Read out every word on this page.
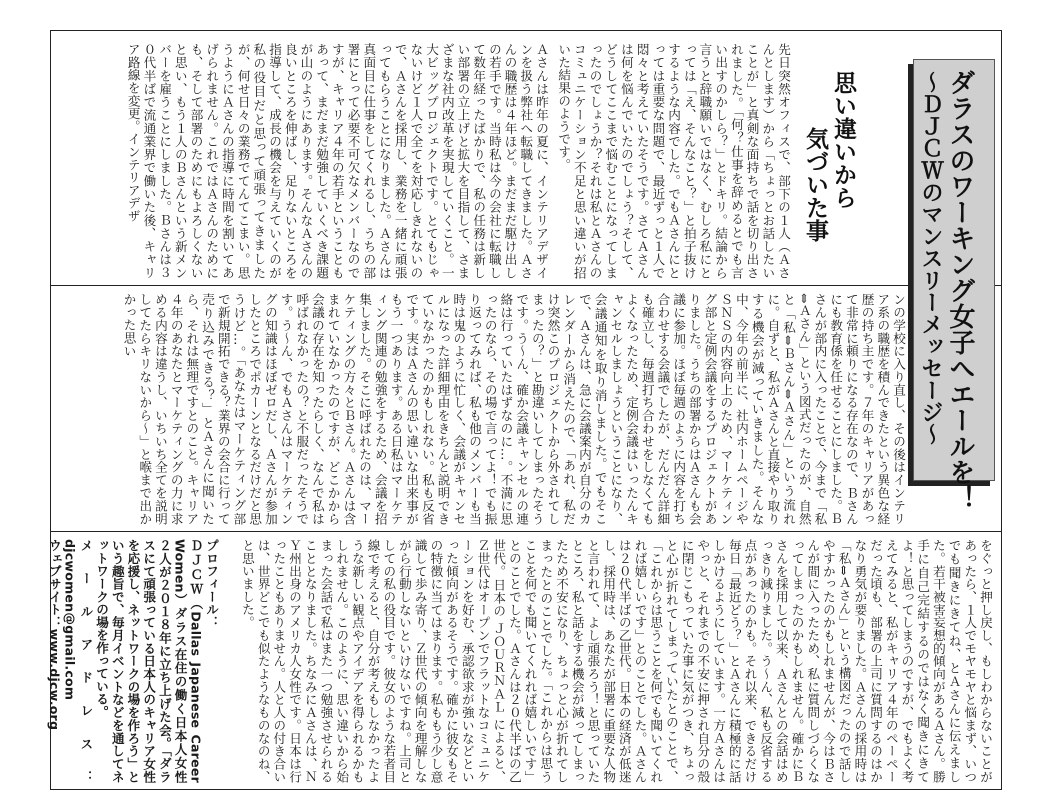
ダラスのワーキング女子へエールを！
～ＤＪＣＷのマンスリーメッセージ～
思い違いから
気づいた事
先日突然オフィスで、部下の１人（Ａさんとします）から「ちょっとお話したいことが」と真剣な面持ちで話を切り出されました。「何？仕事を辞めるとでも言い出すのかしら？」とドキリ。結論から言うと辞職願いではなく、むしろ私にとっては「え、そんなこと？」と拍子抜けするような内容でした。でもＡさんにとっては重要な問題で、最近ずっと１人で悶々と考えていたそうです。さてＡさんは何を悩んでいたのでしょう？そして、どうしてここまで悩むことになってしまったのでしょうか？それは私とＡさんのコミュニケーション不足と思い違いが招いた結果のようです。
Ａさんは昨年の夏に、インテリアデザインを扱う弊社へ転職してきました。Ａさんの職歴は４年ほど。まだまだ駆け出しの若手です。当時私は今の会社に転職して数年経ったばかりで、私の任務は新しい部署の立上げと拡大を目指して、さまざまな社内改革を実現していくこと。一大ビッグプロジェクトです。とてもじゃないけど１人で全てを対応しきれないので、Ａさんを採用し、業務を一緒に頑張ってもらうことになりました。Ａさんは真面目に仕事をしてくれるし、うちの部署にとって必要不可欠なメンバーなのですが、キャリア４年の若手ということもあって、まだまだ勉強していくべき課題が山のようにあります。そんなＡさんの良いところを伸ばし、足りないところを指導して、成長の機会を与えていくのが私の役目だと思って頑張ってきましたが、何せ日々の業務でてんてこまい。思うようにＡさんの指導に時間を割いてあげられません。これではＡさんのためにも、そして部署のためにもよろしくないと思い、もう１人のＢさんという新メンバーを雇うことにしました。Ｂさんは３０代半ばで流通業界で働いた後、キャリア路線を変更。インテリアデザ
ンの学校に入り直し、その後はインテリア系の職歴を積んできたという異色な経歴の持ち主です。７年のキャリアがあって非常に頼りになる存在なので、Ｂさんにも教育係を任せることにしました。Ｂさんが部内に入ったことで、今まで「私⇔Ａさん」という図式だったのが、自然と「私⇔Ｂさん⇔Ａさん」という流れに。自ずと、私がＡさんと直接やり取りする機会が減っていきました。そんな中、今年の前半に、社内ホームページやＳＮＳの内容向上のため、マーケティング部と定例会議をするプロジェクトがありました。うちの部署からはＡさんも会議に参加。ほぼ毎週のように内容を打ち合わせする会議でしたが、だんだん詳細も確立し、毎週打ち合わせをしなくてもよくなったため、定例会議はいったんキャンセルしましょうということになり、会議通知を取り消しました。でもそこで、Ａさんは、急に会議案内が自分のカレンダーから消えたので、「あれ、私だけ突然このプロジェクトから外されてしまったの？」と勘違いしてしまったそうです。う～ん、確か会議キャンセルの連絡は行っていたはずなのに…。不満に思ったのなら、その場で言ってよ！でも振り返ってみれば、私も他のメンバーも当時は鬼のように忙しく、会議がキャンセルになった詳細理由をきちんと説明できていなかったのかもしれない。私も反省です。実はＡさんの思い違いな出来事がもう一つあります。ある日私はマーケティング関連の勉強をするため、会議を招集しました。そこに呼ばれたのは、マーケティングの方々とＢさん。Ａさんは含まれていなかったのですが、どこかから会議の存在を知ったらしく、なんで私は呼ばれなかったの？と不服だったそうです。う～ん、でもＡさんはマーケティングの知識はほぼゼロだし、Ａさんが参加したところでポカーンとなるだけだと思うけど…。「あなたはマーケティング部で新規開拓できる？業界の会合に行って売り込みできる？」とＡさんに聞いたら、それは無理ですとのこと。キャリア４年のあなたとマーケティングの力に求める内容は違うし、いちいち全てを説明してたらキリないから～」と喉まで出かかった思い
をぐっと押し戻し、もしわからないことがあったら、１人でモヤモヤと悩まず、いつでも聞きにきてね、とＡさんに伝えました。若干被害妄想的傾向があるＡさん。勝手に自己完結するのではなく聞きにきてよ！と思ってしまうのですが、でもよく考えてみると、私がキャリア４年のペーペーだった頃も、部署の上司に質問するのはかなり勇気が要りました。Ａさんの採用時は「私⇔Ａさん」という構図だったので話しやすかったのかもしれませんが、今はＢさんが間に入ったため、私に質問しづらくなってしまったのかもしれません。確かにＢさんを採用して以来、Ａさんとの会話はめっきり減りました。う～ん、私も反省する点があったのかも。それ以来、できるだけ毎日「最近どう？」とＡさんに積極的に話しかけるようにしています。一方Ａさんはやっと、それまでの不安に押され自分の殻に閉じこもっていた事に気がつき、ちょっと心が折れてしまっていたとのことで、「これからは思うことを何でも聞いてくれれば嬉しいです」とのことでした。Ａさんは２０代半ばの乙世代。日本の経済が低迷し、採用時は、あなたが部署に重要な人物と言われて、よし頑張ろう！と思っていたところ、私と話をする機会が減ってしまったため不安になり、ちょっと心が折れてしまったとのことでした。「これからは思うことを何でも聞いてくれれば嬉しいです」とのことでした。Ａさんは２０代半ばの乙世代。日本の ＪＯＵＲＮＡＬ によると、Ｚ世代はオープンでフラットなコミュニケーションを好む、承認欲求が強いなどといった傾向があるそうです。確かに彼女もその特徴に当てはまります。私ももう少し意識して歩み寄り、Ｚ世代の傾向を理解しながら行動しないといけないですね。上司としての私の役目です。彼女のような若者目線で考えると、自分が考えもしなかったような新しい観点やアイデアを得られるかもしれません。このように、思い違いから始まった会話で私はまた一つ勉強させられることとなりました。ちなみにＡさんは、ＮＹ州出身のアメリカ人女性です。日本は行ったこともありません。人と人の付き合いは、世界どこでも似たようなものなのね、と思いました。

プロフィール：

ＤＪＣＷ（Dallas Japanese Career Women）ダラス在住の働く日本人女性２人が２０１８年に立ち上げた会。「ダラスにて頑張っている日本人のキャリア女性を応援し、ネットワークの場を作ろう」という趣旨で、毎月イベントなどを通してネットワークの場を作っている。

メールアドレス：djcwomen@gmail.com

ウェブサイト：www.djcw.org
